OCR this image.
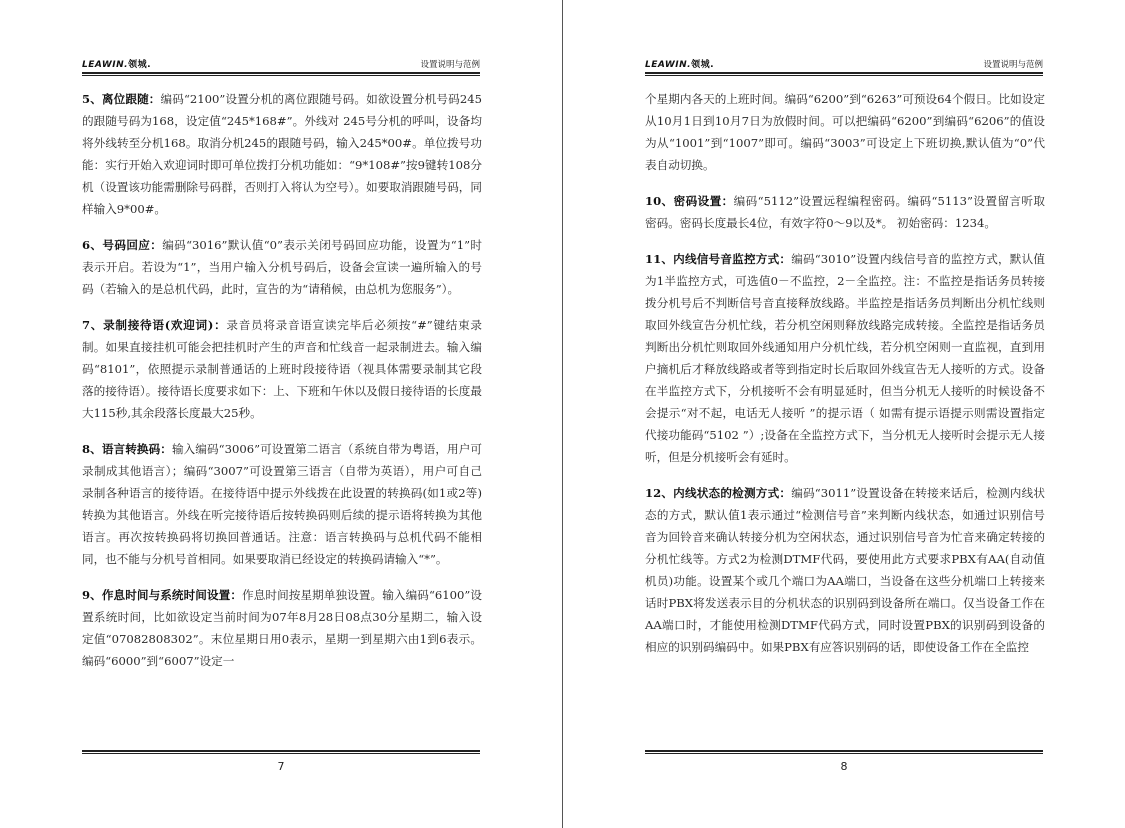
LEAWIN.领城.	设置说明与范例

5、离位跟随：编码“2100”设置分机的离位跟随号码。如欲设置分机号码245的跟随号码为168，设定值“245*168#”。外线对 245号分机的呼叫，设备均将外线转至分机168。取消分机245的跟随号码，输入245*00#。单位拨号功能：实行开始入欢迎词时即可单位拨打分机功能如：“9*108#”按9键转108分机（设置该功能需删除号码群，否则打入将认为空号）。如要取消跟随号码，同样输入9*00#。

6、号码回应：编码“3016”默认值“0”表示关闭号码回应功能，设置为“1”时表示开启。若设为“1”，当用户输入分机号码后，设备会宣读一遍所输入的号码（若输入的是总机代码，此时，宣告的为“请稍候，由总机为您服务”）。

7、录制接待语(欢迎词)：录音员将录音语宣读完毕后必须按“#”键结束录制。如果直接挂机可能会把挂机时产生的声音和忙线音一起录制进去。输入编码“8101”，依照提示录制普通话的上班时段接待语（视具体需要录制其它段落的接待语）。接待语长度要求如下：上、下班和午休以及假日接待语的长度最大115秒,其余段落长度最大25秒。

8、语言转换码：输入编码“3006”可设置第二语言（系统自带为粤语，用户可录制成其他语言）；编码“3007”可设置第三语言（自带为英语），用户可自己录制各种语言的接待语。在接待语中提示外线拨在此设置的转换码(如1或2等)转换为其他语言。外线在听完接待语后按转换码则后续的提示语将转换为其他语言。再次按转换码将切换回普通话。注意：语言转换码与总机代码不能相同，也不能与分机号首相同。如果要取消已经设定的转换码请输入“*”。

9、作息时间与系统时间设置：作息时间按星期单独设置。输入编码“6100”设置系统时间，比如欲设定当前时间为07年8月28日08点30分星期二，输入设定值“07082808302”。末位星期日用0表示，星期一到星期六由1到6表示。编码“6000”到“6007”设定一

7
LEAWIN.领城.	设置说明与范例

个星期内各天的上班时间。编码“6200”到“6263”可预设64个假日。比如设定从10月1日到10月7日为放假时间。可以把编码“6200”到编码“6206”的值设为从“1001”到“1007”即可。编码“3003”可设定上下班切换,默认值为“0”代表自动切换。

10、密码设置：编码“5112”设置远程编程密码。编码“5113”设置留言听取密码。密码长度最长4位，有效字符0～9以及*。 初始密码：1234。

11、内线信号音监控方式：编码“3010”设置内线信号音的监控方式，默认值为1半监控方式，可选值0－不监控，2－全监控。注：不监控是指话务员转接拨分机号后不判断信号音直接释放线路。半监控是指话务员判断出分机忙线则取回外线宣告分机忙线，若分机空闲则释放线路完成转接。全监控是指话务员判断出分机忙则取回外线通知用户分机忙线，若分机空闲则一直监视，直到用户摘机后才释放线路或者等到指定时长后取回外线宣告无人接听的方式。设备在半监控方式下，分机接听不会有明显延时，但当分机无人接听的时候设备不会提示“对不起，电话无人接听 ”的提示语（ 如需有提示语提示则需设置指定代接功能码“5102 ”）;设备在全监控方式下，当分机无人接听时会提示无人接听，但是分机接听会有延时。

12、内线状态的检测方式：编码“3011”设置设备在转接来话后，检测内线状态的方式，默认值1表示通过“检测信号音”来判断内线状态，如通过识别信号音为回铃音来确认转接分机为空闲状态，通过识别信号音为忙音来确定转接的分机忙线等。方式2为检测DTMF代码，要使用此方式要求PBX有AA(自动值机员)功能。设置某个或几个端口为AA端口，当设备在这些分机端口上转接来话时PBX将发送表示目的分机状态的识别码到设备所在端口。仅当设备工作在AA端口时，才能使用检测DTMF代码方式，同时设置PBX的识别码到设备的相应的识别码编码中。如果PBX有应答识别码的话，即使设备工作在全监控

8
